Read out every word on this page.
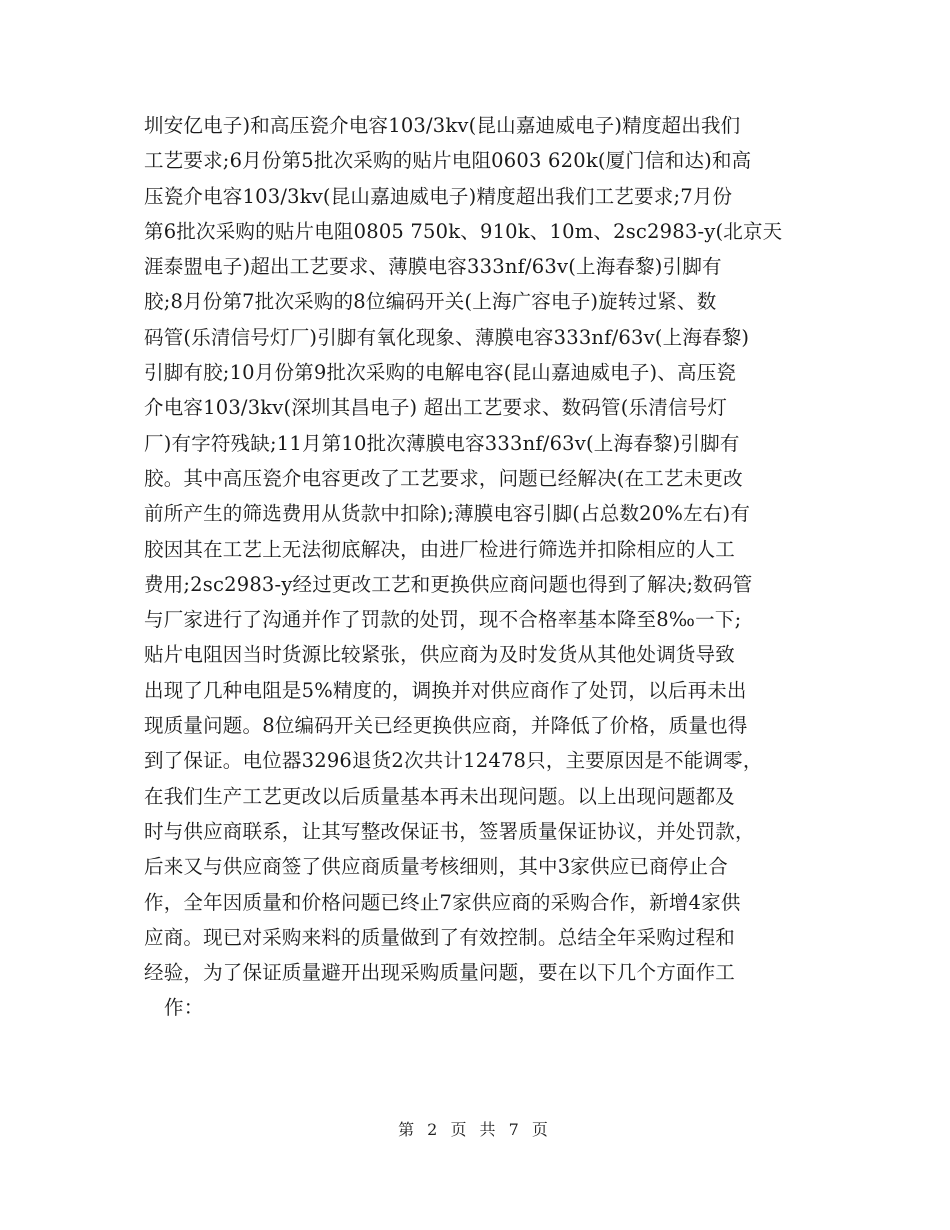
圳安亿电子)和高压瓷介电容103/3kv(昆山嘉迪威电子)精度超出我们
工艺要求;6月份第5批次采购的贴片电阻0603 620k(厦门信和达)和高
压瓷介电容103/3kv(昆山嘉迪威电子)精度超出我们工艺要求;7月份
第6批次采购的贴片电阻0805 750k、910k、10m、2sc2983-y(北京天
涯泰盟电子)超出工艺要求、薄膜电容333nf/63v(上海春黎)引脚有
胶;8月份第7批次采购的8位编码开关(上海广容电子)旋转过紧、数
码管(乐清信号灯厂)引脚有氧化现象、薄膜电容333nf/63v(上海春黎)
引脚有胶;10月份第9批次采购的电解电容(昆山嘉迪威电子)、高压瓷
介电容103/3kv(深圳其昌电子) 超出工艺要求、数码管(乐清信号灯
厂)有字符残缺;11月第10批次薄膜电容333nf/63v(上海春黎)引脚有
胶。其中高压瓷介电容更改了工艺要求，问题已经解决(在工艺未更改
前所产生的筛选费用从货款中扣除);薄膜电容引脚(占总数20%左右)有
胶因其在工艺上无法彻底解决，由进厂检进行筛选并扣除相应的人工
费用;2sc2983-y经过更改工艺和更换供应商问题也得到了解决;数码管
与厂家进行了沟通并作了罚款的处罚，现不合格率基本降至8‰一下;
贴片电阻因当时货源比较紧张，供应商为及时发货从其他处调货导致
出现了几种电阻是5%精度的，调换并对供应商作了处罚，以后再未出
现质量问题。8位编码开关已经更换供应商，并降低了价格，质量也得
到了保证。电位器3296退货2次共计12478只，主要原因是不能调零，
在我们生产工艺更改以后质量基本再未出现问题。以上出现问题都及
时与供应商联系，让其写整改保证书，签署质量保证协议，并处罚款，
后来又与供应商签了供应商质量考核细则，其中3家供应已商停止合
作，全年因质量和价格问题已终止7家供应商的采购合作，新增4家供
应商。现已对采购来料的质量做到了有效控制。总结全年采购过程和
经验，为了保证质量避开出现采购质量问题，要在以下几个方面作工
作：
第 2 页 共 7 页
